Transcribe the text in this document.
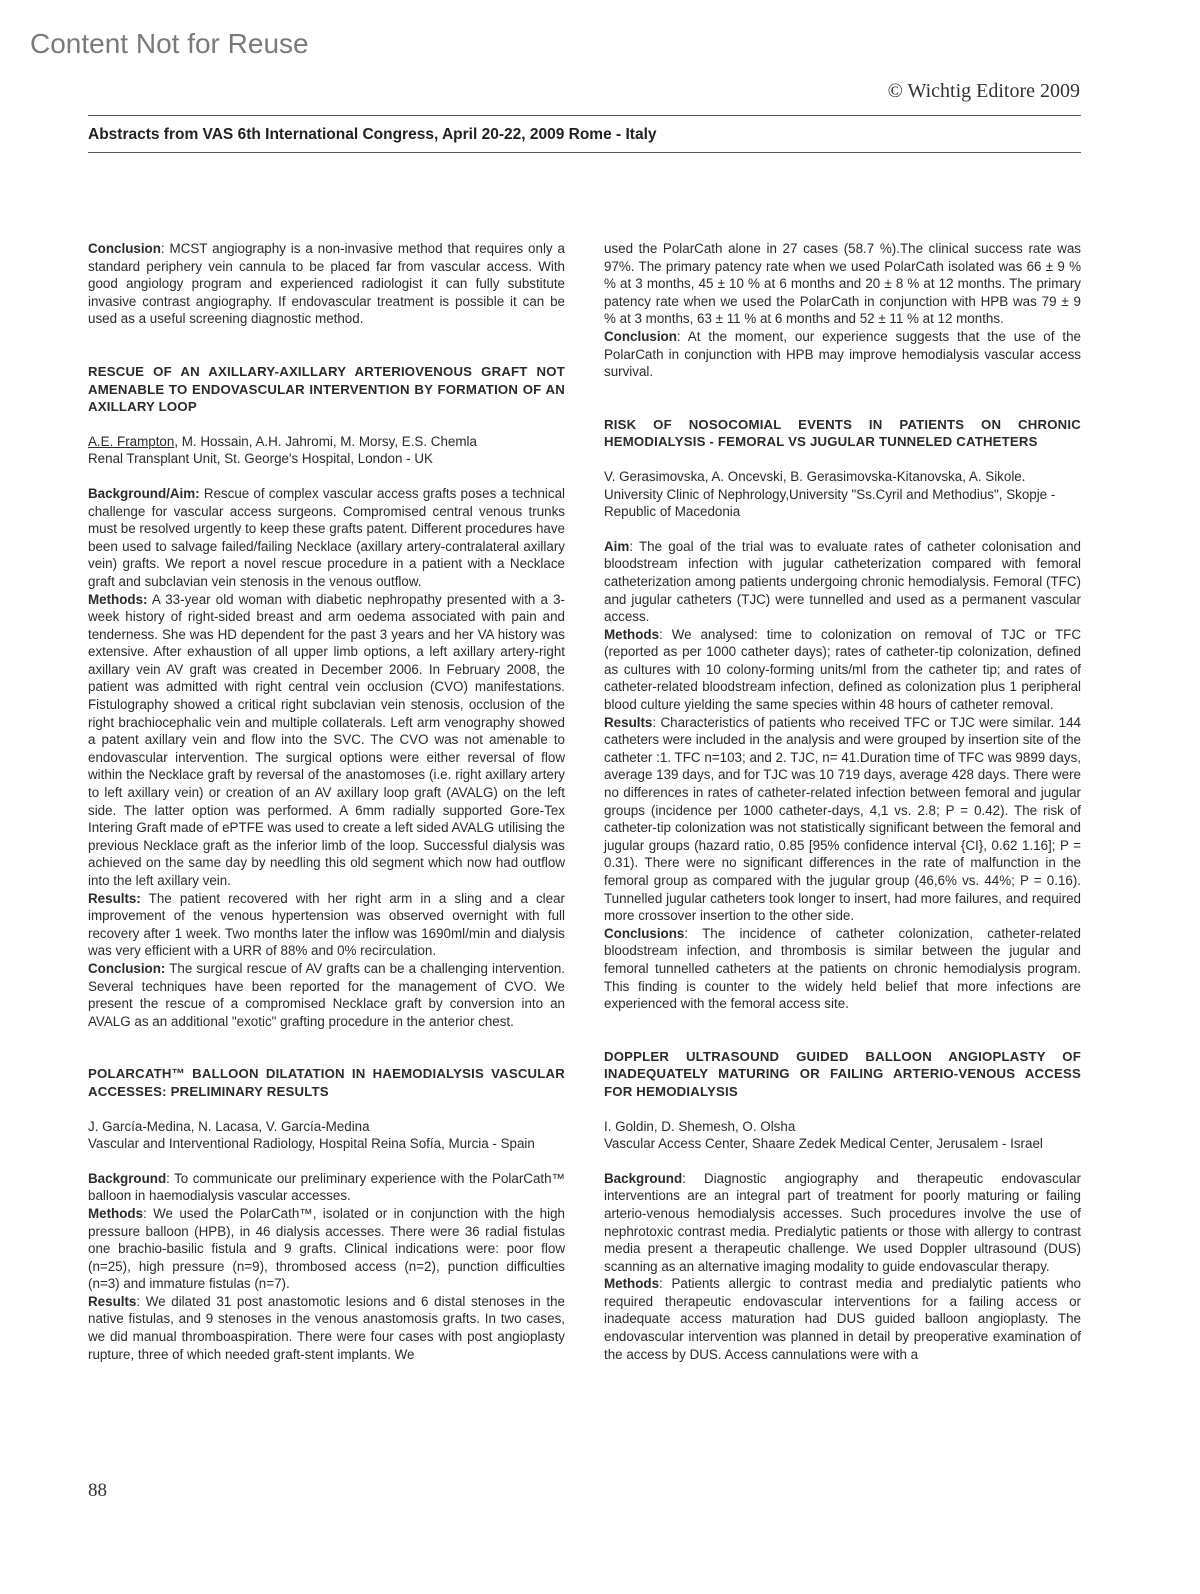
Content Not for Reuse
© Wichtig Editore 2009
Abstracts from VAS 6th International Congress, April 20-22, 2009 Rome - Italy

Conclusion: MCST angiography is a non-invasive method that requires only a standard periphery vein cannula to be placed far from vascular access. With good angiology program and experienced radiologist it can fully substitute invasive contrast angiography. If endovascular treatment is possible it can be used as a useful screening diagnostic method.

RESCUE OF AN AXILLARY-AXILLARY ARTERIOVENOUS GRAFT NOT AMENABLE TO ENDOVASCULAR INTERVENTION BY FORMATION OF AN AXILLARY LOOP

A.E. Frampton, M. Hossain, A.H. Jahromi, M. Morsy, E.S. Chemla

Renal Transplant Unit, St. George's Hospital, London - UK

Background/Aim: Rescue of complex vascular access grafts poses a technical challenge for vascular access surgeons. Compromised central venous trunks must be resolved urgently to keep these grafts patent. Different procedures have been used to salvage failed/failing Necklace (axillary artery-contralateral axillary vein) grafts. We report a novel rescue procedure in a patient with a Necklace graft and subclavian vein stenosis in the venous outflow.

Methods: A 33-year old woman with diabetic nephropathy presented with a 3-week history of right-sided breast and arm oedema associated with pain and tenderness. She was HD dependent for the past 3 years and her VA history was extensive. After exhaustion of all upper limb options, a left axillary artery-right axillary vein AV graft was created in December 2006. In February 2008, the patient was admitted with right central vein occlusion (CVO) manifestations. Fistulography showed a critical right subclavian vein stenosis, occlusion of the right brachiocephalic vein and multiple collaterals. Left arm venography showed a patent axillary vein and flow into the SVC. The CVO was not amenable to endovascular intervention. The surgical options were either reversal of flow within the Necklace graft by reversal of the anastomoses (i.e. right axillary artery to left axillary vein) or creation of an AV axillary loop graft (AVALG) on the left side. The latter option was performed. A 6mm radially supported Gore-Tex Intering Graft made of ePTFE was used to create a left sided AVALG utilising the previous Necklace graft as the inferior limb of the loop. Successful dialysis was achieved on the same day by needling this old segment which now had outflow into the left axillary vein.

Results: The patient recovered with her right arm in a sling and a clear improvement of the venous hypertension was observed overnight with full recovery after 1 week. Two months later the inflow was 1690ml/min and dialysis was very efficient with a URR of 88% and 0% recirculation.

Conclusion: The surgical rescue of AV grafts can be a challenging intervention. Several techniques have been reported for the management of CVO. We present the rescue of a compromised Necklace graft by conversion into an AVALG as an additional "exotic" grafting procedure in the anterior chest.

POLARCATH™ BALLOON DILATATION IN HAEMODIALYSIS VASCULAR ACCESSES: PRELIMINARY RESULTS

J. García-Medina, N. Lacasa, V. García-Medina

Vascular and Interventional Radiology, Hospital Reina Sofía, Murcia - Spain

Background: To communicate our preliminary experience with the PolarCath™ balloon in haemodialysis vascular accesses.

Methods: We used the PolarCath™, isolated or in conjunction with the high pressure balloon (HPB), in 46 dialysis accesses. There were 36 radial fistulas one brachio-basilic fistula and 9 grafts. Clinical indications were: poor flow (n=25), high pressure (n=9), thrombosed access (n=2), punction difficulties (n=3) and immature fistulas (n=7).

Results: We dilated 31 post anastomotic lesions and 6 distal stenoses in the native fistulas, and 9 stenoses in the venous anastomosis grafts. In two cases, we did manual thromboaspiration. There were four cases with post angioplasty rupture, three of which needed graft-stent implants. We

used the PolarCath alone in 27 cases (58.7 %).The clinical success rate was 97%. The primary patency rate when we used PolarCath isolated was 66 ± 9 % % at 3 months, 45 ± 10 % at 6 months and 20 ± 8 % at 12 months. The primary patency rate when we used the PolarCath in conjunction with HPB was 79 ± 9 % at 3 months, 63 ± 11 % at 6 months and 52 ± 11 % at 12 months.

Conclusion: At the moment, our experience suggests that the use of the PolarCath in conjunction with HPB may improve hemodialysis vascular access survival.

RISK OF NOSOCOMIAL EVENTS IN PATIENTS ON CHRONIC HEMODIALYSIS - FEMORAL VS JUGULAR TUNNELED CATHETERS

V. Gerasimovska, A. Oncevski, B. Gerasimovska-Kitanovska, A. Sikole.

University Clinic of Nephrology,University "Ss.Cyril and Methodius", Skopje - Republic of Macedonia

Aim: The goal of the trial was to evaluate rates of catheter colonisation and bloodstream infection with jugular catheterization compared with femoral catheterization among patients undergoing chronic hemodialysis. Femoral (TFC) and jugular catheters (TJC) were tunnelled and used as a permanent vascular access.

Methods: We analysed: time to colonization on removal of TJC or TFC (reported as per 1000 catheter days); rates of catheter-tip colonization, defined as cultures with 10 colony-forming units/ml from the catheter tip; and rates of catheter-related bloodstream infection, defined as colonization plus 1 peripheral blood culture yielding the same species within 48 hours of catheter removal.

Results: Characteristics of patients who received TFC or TJC were similar. 144 catheters were included in the analysis and were grouped by insertion site of the catheter :1. TFC n=103; and 2. TJC, n= 41.Duration time of TFC was 9899 days, average 139 days, and for TJC was 10 719 days, average 428 days. There were no differences in rates of catheter-related infection between femoral and jugular groups (incidence per 1000 catheter-days, 4,1 vs. 2.8; P = 0.42). The risk of catheter-tip colonization was not statistically significant between the femoral and jugular groups (hazard ratio, 0.85 [95% confidence interval {CI}, 0.62 1.16]; P = 0.31). There were no significant differences in the rate of malfunction in the femoral group as compared with the jugular group (46,6% vs. 44%; P = 0.16). Tunnelled jugular catheters took longer to insert, had more failures, and required more crossover insertion to the other side.

Conclusions: The incidence of catheter colonization, catheter-related bloodstream infection, and thrombosis is similar between the jugular and femoral tunnelled catheters at the patients on chronic hemodialysis program. This finding is counter to the widely held belief that more infections are experienced with the femoral access site.

DOPPLER ULTRASOUND GUIDED BALLOON ANGIOPLASTY OF INADEQUATELY MATURING OR FAILING ARTERIO-VENOUS ACCESS FOR HEMODIALYSIS

I. Goldin, D. Shemesh, O. Olsha

Vascular Access Center, Shaare Zedek Medical Center, Jerusalem - Israel

Background: Diagnostic angiography and therapeutic endovascular interventions are an integral part of treatment for poorly maturing or failing arterio-venous hemodialysis accesses. Such procedures involve the use of nephrotoxic contrast media. Predialytic patients or those with allergy to contrast media present a therapeutic challenge. We used Doppler ultrasound (DUS) scanning as an alternative imaging modality to guide endovascular therapy.

Methods: Patients allergic to contrast media and predialytic patients who required therapeutic endovascular interventions for a failing access or inadequate access maturation had DUS guided balloon angioplasty. The endovascular intervention was planned in detail by preoperative examination of the access by DUS. Access cannulations were with a

88
